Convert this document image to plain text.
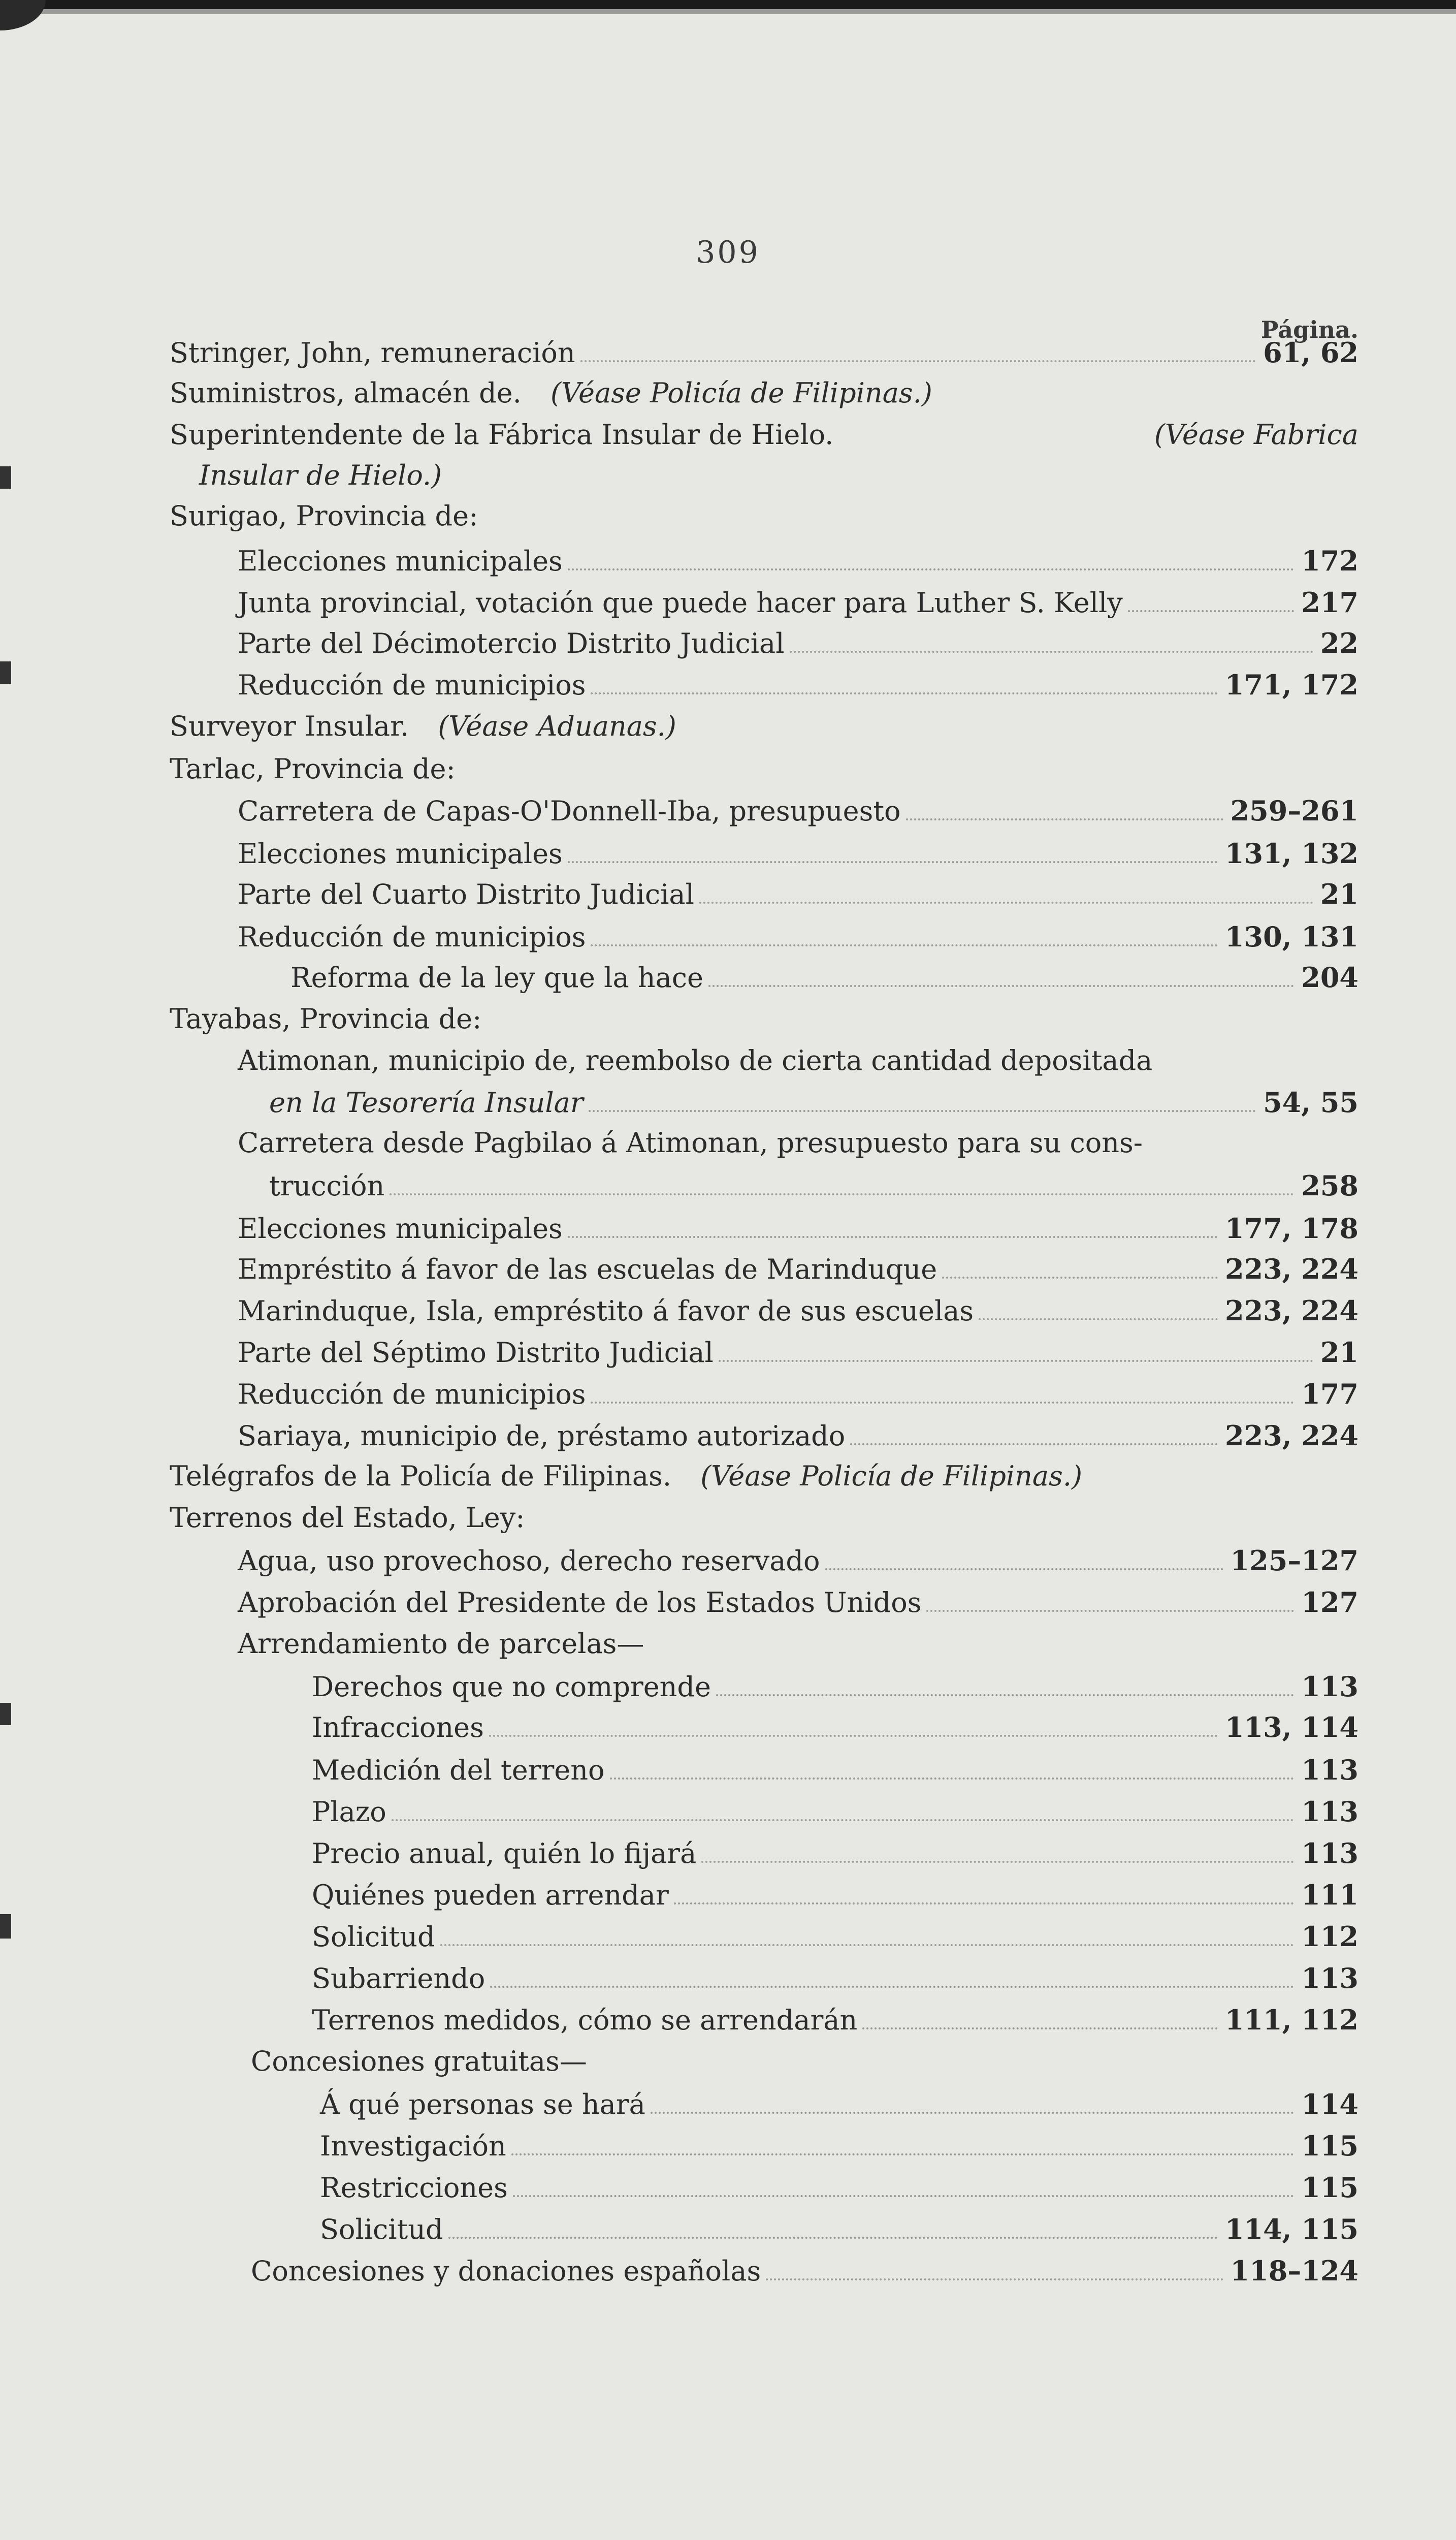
309
Página.
Stringer, John, remuneración	61, 62
Suministros, almacén de. (Véase Policía de Filipinas.)
Superintendente de la Fábrica Insular de Hielo.	(Véase Fabrica
Insular de Hielo.)
Surigao, Provincia de:
Elecciones municipales	172
Junta provincial, votación que puede hacer para Luther S. Kelly	217
Parte del Décimotercio Distrito Judicial	22
Reducción de municipios	171, 172
Surveyor Insular. (Véase Aduanas.)
Tarlac, Provincia de:
Carretera de Capas-O'Donnell-Iba, presupuesto	259–261
Elecciones municipales	131, 132
Parte del Cuarto Distrito Judicial	21
Reducción de municipios	130, 131
Reforma de la ley que la hace	204
Tayabas, Provincia de:
Atimonan, municipio de, reembolso de cierta cantidad depositada
en la Tesorería Insular	54, 55
Carretera desde Pagbilao á Atimonan, presupuesto para su cons-
trucción	258
Elecciones municipales	177, 178
Empréstito á favor de las escuelas de Marinduque	223, 224
Marinduque, Isla, empréstito á favor de sus escuelas	223, 224
Parte del Séptimo Distrito Judicial	21
Reducción de municipios	177
Sariaya, municipio de, préstamo autorizado	223, 224
Telégrafos de la Policía de Filipinas. (Véase Policía de Filipinas.)
Terrenos del Estado, Ley:
Agua, uso provechoso, derecho reservado	125–127
Aprobación del Presidente de los Estados Unidos	127
Arrendamiento de parcelas—
Derechos que no comprende	113
Infracciones	113, 114
Medición del terreno	113
Plazo	113
Precio anual, quién lo fijará	113
Quiénes pueden arrendar	111
Solicitud	112
Subarriendo	113
Terrenos medidos, cómo se arrendarán	111, 112
Concesiones gratuitas—
Á qué personas se hará	114
Investigación	115
Restricciones	115
Solicitud	114, 115
Concesiones y donaciones españolas	118–124
